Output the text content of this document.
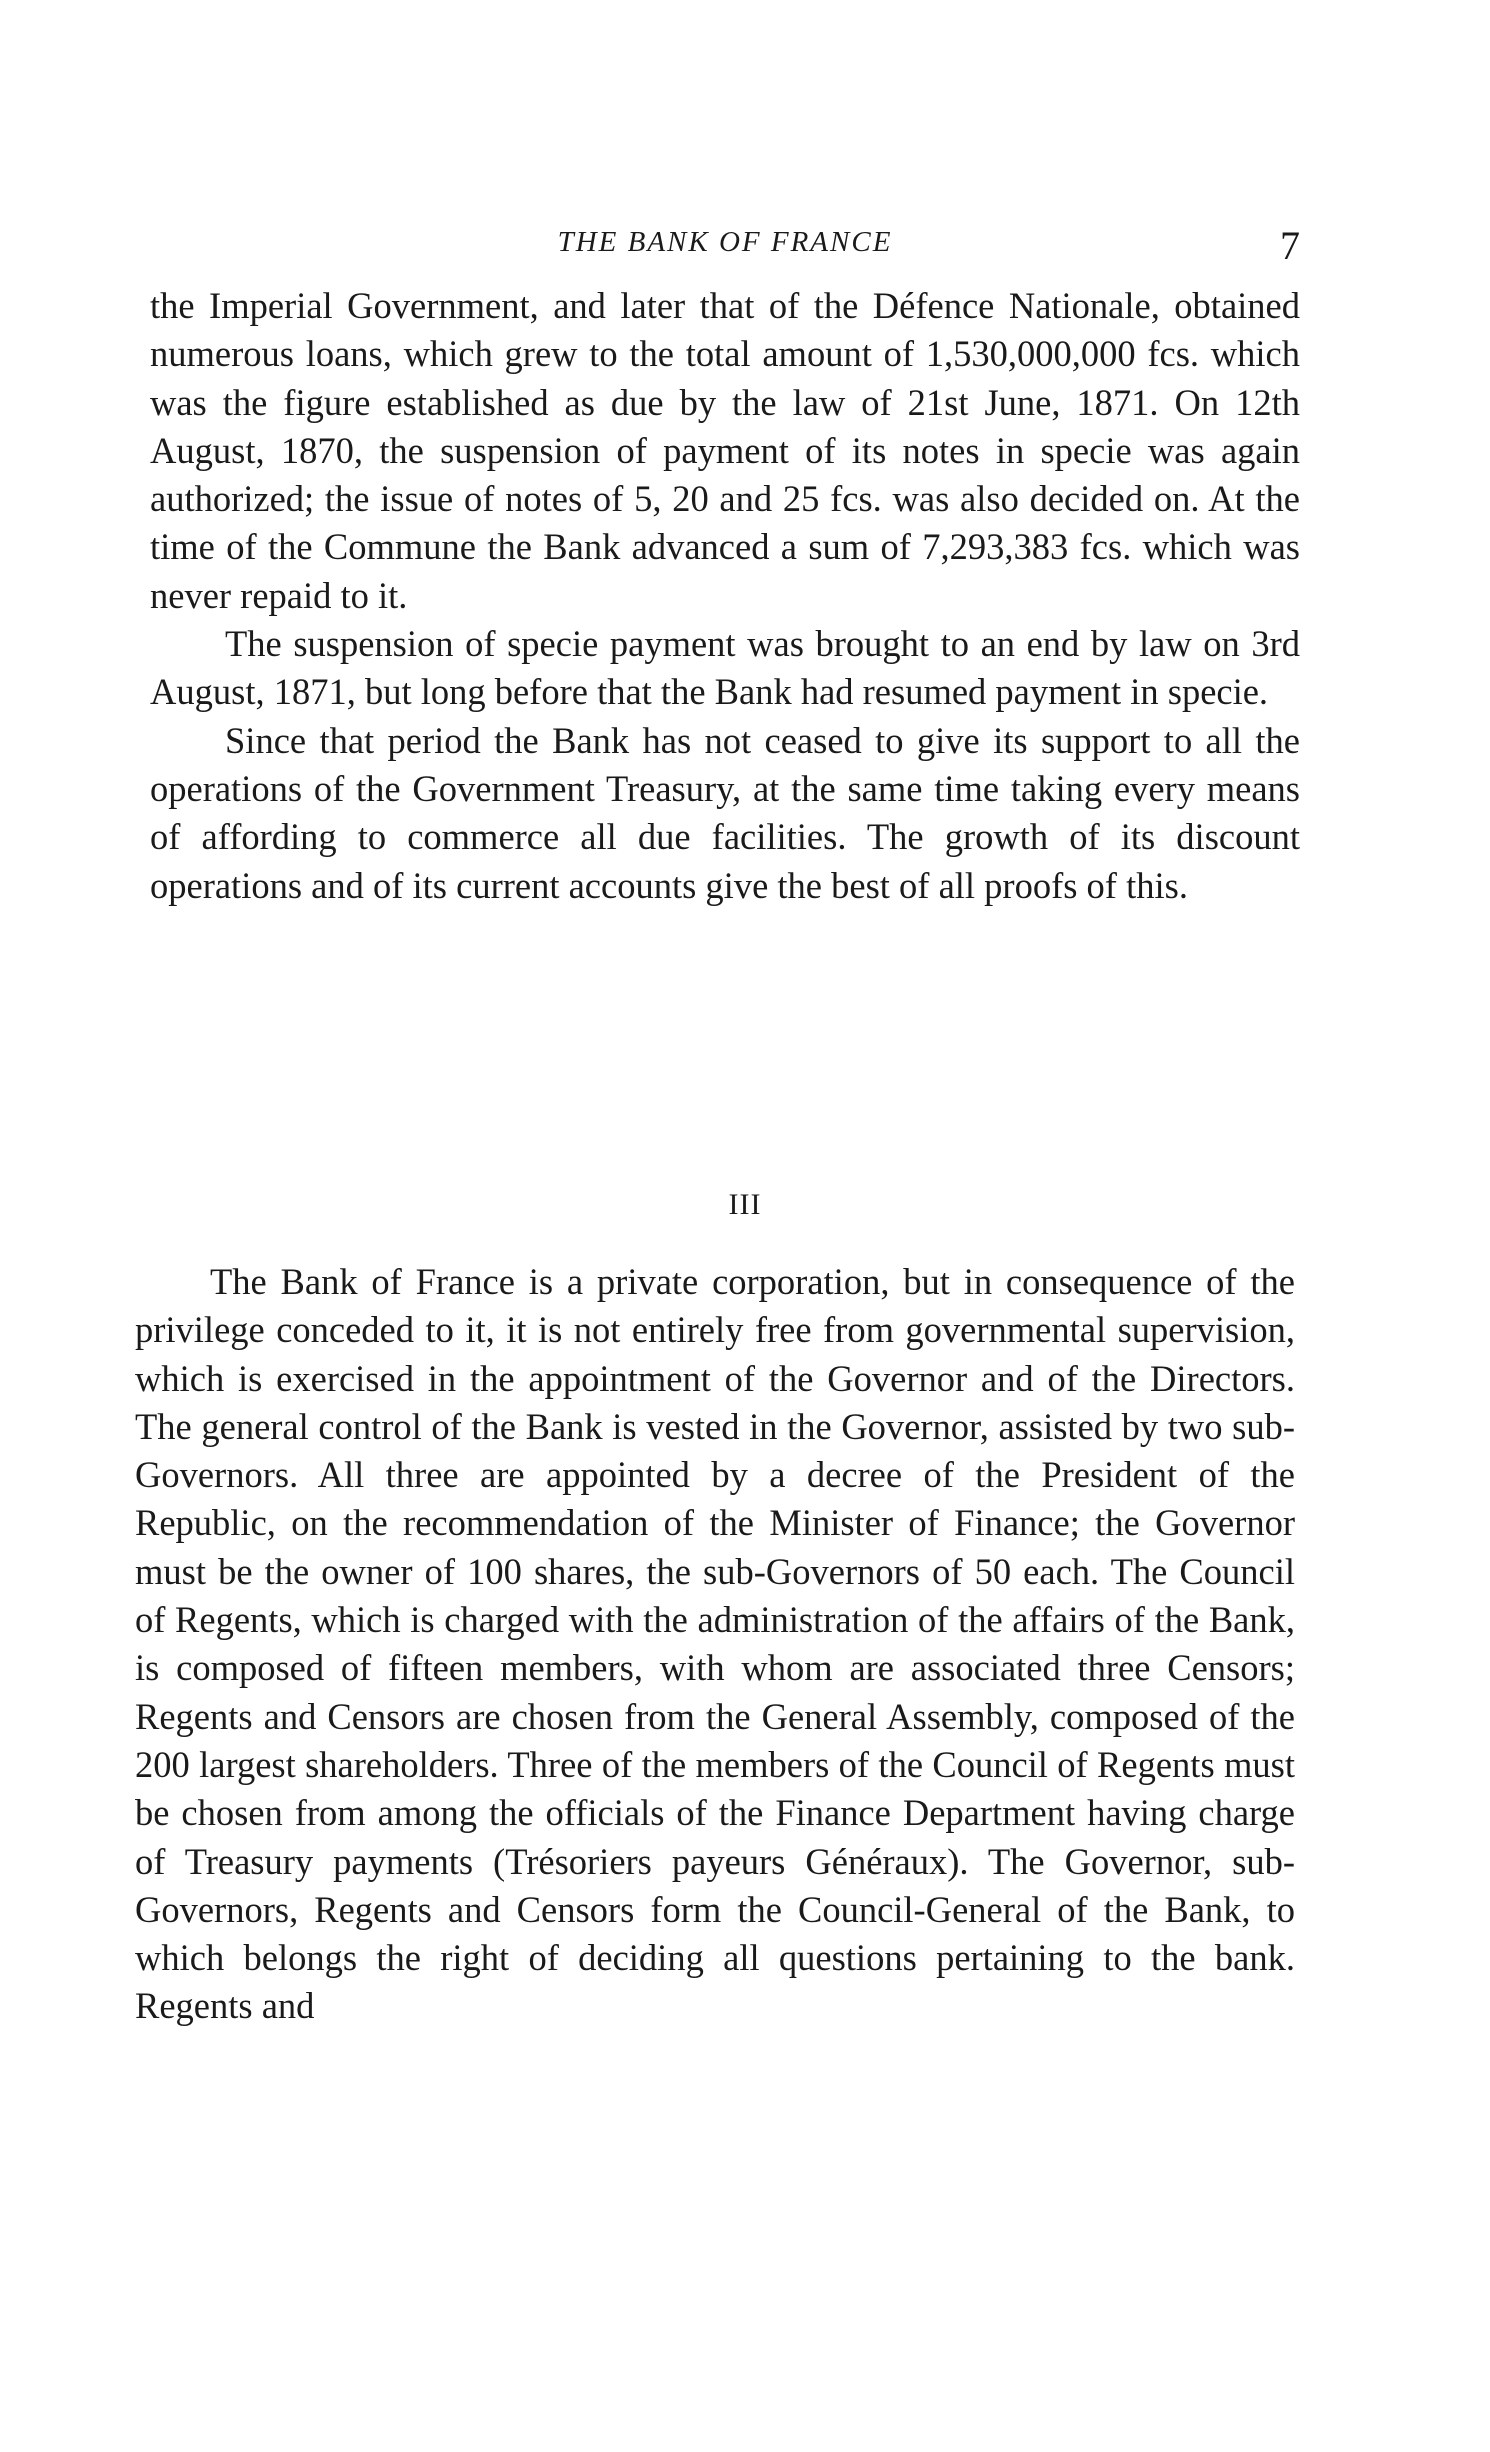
THE BANK OF FRANCE	7

the Imperial Government, and later that of the Défence Nationale, obtained numerous loans, which grew to the total amount of 1,530,000,000 fcs. which was the figure established as due by the law of 21st June, 1871. On 12th August, 1870, the suspension of payment of its notes in specie was again authorized; the issue of notes of 5, 20 and 25 fcs. was also decided on. At the time of the Commune the Bank advanced a sum of 7,293,383 fcs. which was never repaid to it.

The suspension of specie payment was brought to an end by law on 3rd August, 1871, but long before that the Bank had resumed payment in specie.

Since that period the Bank has not ceased to give its support to all the operations of the Government Treasury, at the same time taking every means of affording to commerce all due facilities. The growth of its discount operations and of its current accounts give the best of all proofs of this.

III

The Bank of France is a private corporation, but in consequence of the privilege conceded to it, it is not entirely free from governmental supervision, which is exercised in the appointment of the Governor and of the Directors. The general control of the Bank is vested in the Governor, assisted by two sub-Governors. All three are appointed by a decree of the President of the Republic, on the recommendation of the Minister of Finance; the Governor must be the owner of 100 shares, the sub-Governors of 50 each. The Council of Regents, which is charged with the administration of the affairs of the Bank, is composed of fifteen members, with whom are associated three Censors; Regents and Censors are chosen from the General Assembly, composed of the 200 largest shareholders. Three of the members of the Council of Regents must be chosen from among the officials of the Finance Department having charge of Treasury payments (Trésoriers payeurs Généraux). The Governor, sub-Governors, Regents and Censors form the Council-General of the Bank, to which belongs the right of deciding all questions pertaining to the bank. Regents and
